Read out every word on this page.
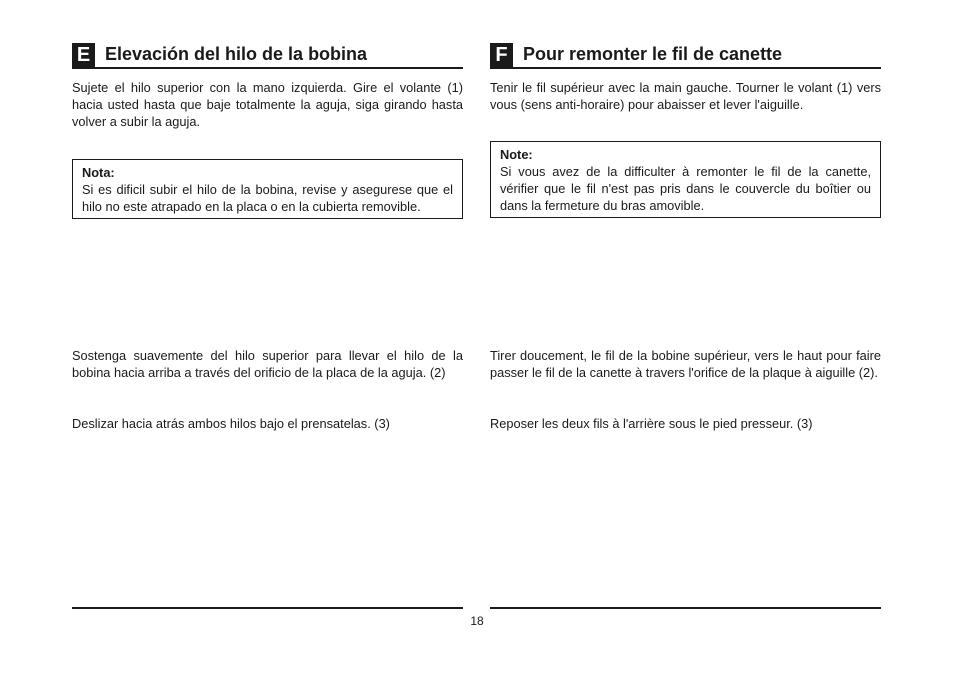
E Elevación del hilo de la bobina

Sujete el hilo superior con la mano izquierda. Gire el volante (1) hacia usted hasta que baje totalmente la aguja, siga girando hasta volver a subir la aguja.

Nota:
Si es dificil subir el hilo de la bobina, revise y asegurese que el hilo no este atrapado en la placa o en la cubierta removible.

Sostenga suavemente del hilo superior para llevar el hilo de la bobina hacia arriba a través del orificio de la placa de la aguja. (2)

Deslizar hacia atrás ambos hilos bajo el prensatelas. (3)

F Pour remonter le fil de canette

Tenir le fil supérieur avec la main gauche. Tourner le volant (1) vers vous (sens anti-horaire) pour abaisser et lever l'aiguille.

Note:
Si vous avez de la difficulter à remonter le fil de la canette, vérifier que le fil n'est pas pris dans le couvercle du boîtier ou dans la fermeture du bras amovible.

Tirer doucement, le fil de la bobine supérieur, vers le haut pour faire passer le fil de la canette à travers l'orifice de la plaque à aiguille (2).

Reposer les deux fils à l'arrière sous le pied presseur. (3)

18
